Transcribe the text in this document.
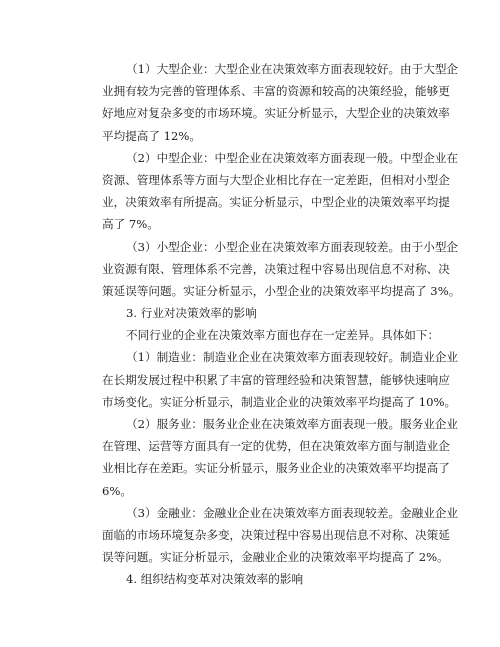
（1）大型企业：大型企业在决策效率方面表现较好。由于大型企
业拥有较为完善的管理体系、丰富的资源和较高的决策经验，能够更
好地应对复杂多变的市场环境。实证分析显示，大型企业的决策效率
平均提高了 12%。
（2）中型企业：中型企业在决策效率方面表现一般。中型企业在
资源、管理体系等方面与大型企业相比存在一定差距，但相对小型企
业，决策效率有所提高。实证分析显示，中型企业的决策效率平均提
高了 7%。
（3）小型企业：小型企业在决策效率方面表现较差。由于小型企
业资源有限、管理体系不完善，决策过程中容易出现信息不对称、决
策延误等问题。实证分析显示，小型企业的决策效率平均提高了 3%。
3. 行业对决策效率的影响
不同行业的企业在决策效率方面也存在一定差异。具体如下：
（1）制造业：制造业企业在决策效率方面表现较好。制造业企业
在长期发展过程中积累了丰富的管理经验和决策智慧，能够快速响应
市场变化。实证分析显示，制造业企业的决策效率平均提高了 10%。
（2）服务业：服务业企业在决策效率方面表现一般。服务业企业
在管理、运营等方面具有一定的优势，但在决策效率方面与制造业企
业相比存在差距。实证分析显示，服务业企业的决策效率平均提高了
6%。
（3）金融业：金融业企业在决策效率方面表现较差。金融业企业
面临的市场环境复杂多变，决策过程中容易出现信息不对称、决策延
误等问题。实证分析显示，金融业企业的决策效率平均提高了 2%。
4. 组织结构变革对决策效率的影响
